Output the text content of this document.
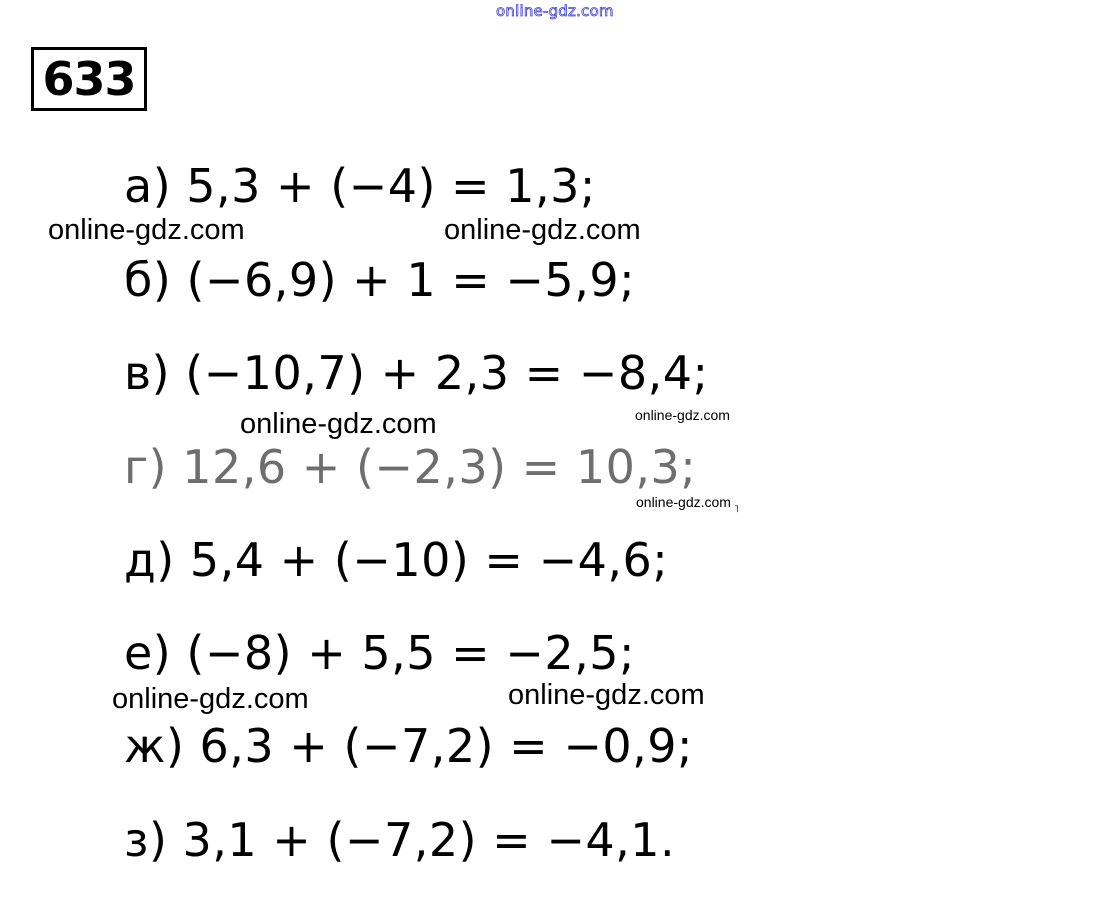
online-gdz.com
633
а) 5,3 + (−4) = 1,3;
online-gdz.com	online-gdz.com
б) (−6,9) + 1 = −5,9;
в) (−10,7) + 2,3 = −8,4;
online-gdz.com	online-gdz.com
г) 12,6 + (−2,3) = 10,3;
online-gdz.com ˥
д) 5,4 + (−10) = −4,6;
е) (−8) + 5,5 = −2,5;
online-gdz.com	online-gdz.com
ж) 6,3 + (−7,2) = −0,9;
з) 3,1 + (−7,2) = −4,1.
